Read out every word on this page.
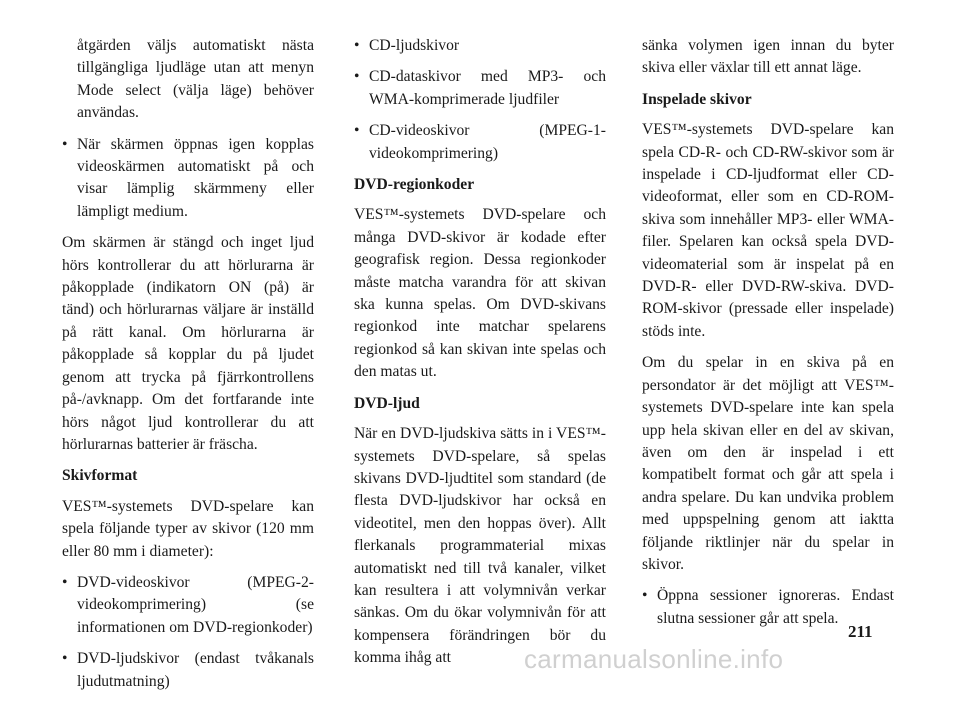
åtgärden väljs automatiskt nästa tillgängliga ljudläge utan att menyn Mode select (välja läge) behöver användas.
• När skärmen öppnas igen kopplas videoskärmen automatiskt på och visar lämplig skärmmeny eller lämpligt medium.

Om skärmen är stängd och inget ljud hörs kontrollerar du att hörlurarna är påkopplade (indikatorn ON (på) är tänd) och hörlurarnas väljare är inställd på rätt kanal. Om hörlurarna är påkopplade så kopplar du på ljudet genom att trycka på fjärrkontrollens på-/avknapp. Om det fortfarande inte hörs något ljud kontrollerar du att hörlurarnas batterier är fräscha.

Skivformat

VES™-systemets DVD-spelare kan spela följande typer av skivor (120 mm eller 80 mm i diameter):

• DVD-videoskivor (MPEG-2-videokomprimering) (se informationen om DVD-regionkoder)
• DVD-ljudskivor (endast tvåkanals ljudutmatning)
• CD-ljudskivor
• CD-dataskivor med MP3- och WMA-komprimerade ljudfiler
• CD-videoskivor (MPEG-1-videokomprimering)
DVD-regionkoder

VES™-systemets DVD-spelare och många DVD-skivor är kodade efter geografisk region. Dessa regionkoder måste matcha varandra för att skivan ska kunna spelas. Om DVD-skivans regionkod inte matchar spelarens regionkod så kan skivan inte spelas och den matas ut.

DVD-ljud

När en DVD-ljudskiva sätts in i VES™-systemets DVD-spelare, så spelas skivans DVD-ljudtitel som standard (de flesta DVD-ljudskivor har också en videotitel, men den hoppas över). Allt flerkanals programmaterial mixas automatiskt ned till två kanaler, vilket kan resultera i att volymnivån verkar sänkas. Om du ökar volymnivån för att kompensera förändringen bör du komma ihåg att

sänka volymen igen innan du byter skiva eller växlar till ett annat läge.

Inspelade skivor

VES™-systemets DVD-spelare kan spela CD-R- och CD-RW-skivor som är inspelade i CD-ljudformat eller CD-videoformat, eller som en CD-ROM-skiva som innehåller MP3- eller WMA-filer. Spelaren kan också spela DVD-videomaterial som är inspelat på en DVD-R- eller DVD-RW-skiva. DVD-ROM-skivor (pressade eller inspelade) stöds inte.

Om du spelar in en skiva på en persondator är det möjligt att VES™-systemets DVD-spelare inte kan spela upp hela skivan eller en del av skivan, även om den är inspelad i ett kompatibelt format och går att spela i andra spelare. Du kan undvika problem med uppspelning genom att iaktta följande riktlinjer när du spelar in skivor.

• Öppna sessioner ignoreras. Endast slutna sessioner går att spela.
211
carmanualsonline.info
